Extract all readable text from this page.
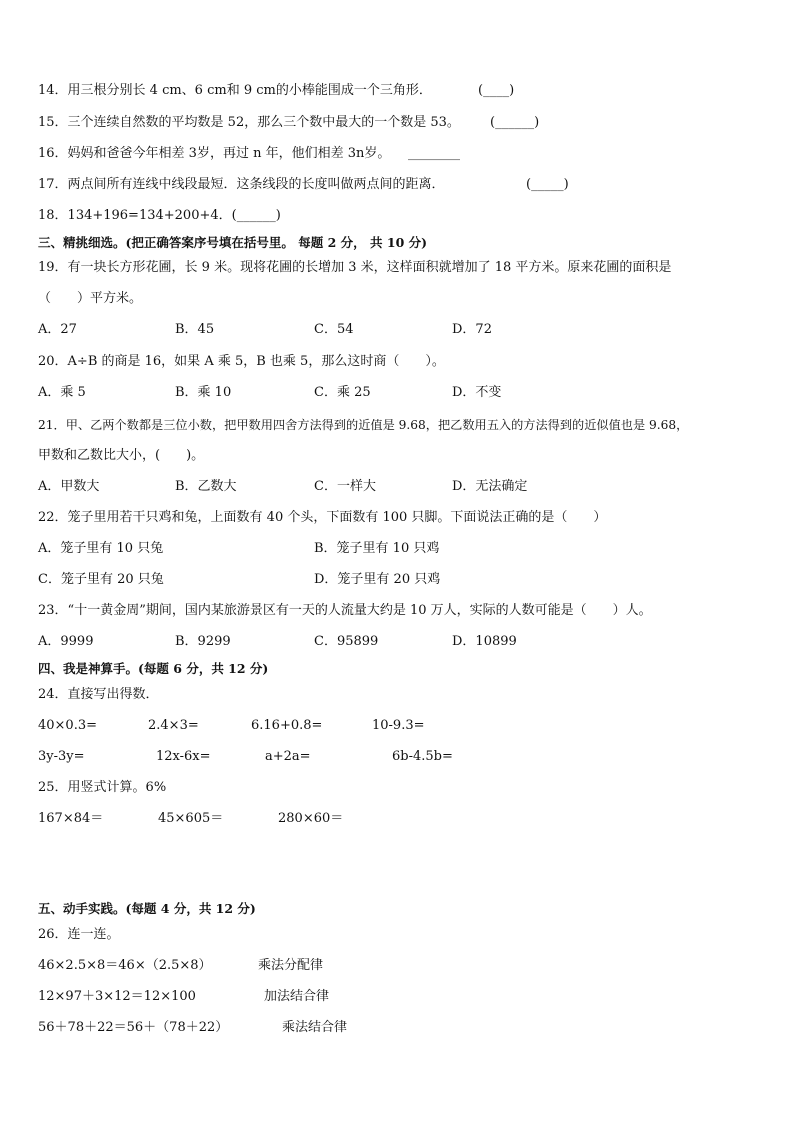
14．用三根分别长 4 cm、6 cm和 9 cm的小棒能围成一个三角形．	(____)
15．三个连续自然数的平均数是 52，那么三个数中最大的一个数是 53。 (______)
16．妈妈和爸爸今年相差 3岁，再过 n 年，他们相差 3n岁。 ________
17．两点间所有连线中线段最短．这条线段的长度叫做两点间的距离．	(_____)
18．134+196=134+200+4．(______)
三、精挑细选。(把正确答案序号填在括号里。 每题 2 分， 共 10 分)
19．有一块长方形花圃，长 9 米。现将花圃的长增加 3 米，这样面积就增加了 18 平方米。原来花圃的面积是
（　　）平方米。
A．27	B．45	C．54	D．72
20．A÷B 的商是 16，如果 A 乘 5，B 也乘 5，那么这时商（　　）。
A．乘 5	B．乘 10	C．乘 25	D．不变
21．甲、乙两个数都是三位小数，把甲数用四舍方法得到的近值是 9.68，把乙数用五入的方法得到的近似值也是 9.68，
甲数和乙数比大小，(　　)。
A．甲数大	B．乙数大	C．一样大	D．无法确定
22．笼子里用若干只鸡和兔，上面数有 40 个头，下面数有 100 只脚。下面说法正确的是（　　）
A．笼子里有 10 只兔	B．笼子里有 10 只鸡
C．笼子里有 20 只兔	D．笼子里有 20 只鸡
23．“十一黄金周”期间，国内某旅游景区有一天的人流量大约是 10 万人，实际的人数可能是（　　）人。
A．9999	B．9299	C．95899	D．10899
四、我是神算手。(每题 6 分，共 12 分)
24．直接写出得数．
40×0.3=	2.4×3=	6.16+0.8=	10-9.3=
3y-3y=	12x-6x=	a+2a=	6b-4.5b=
25．用竖式计算。6%
167×84＝	45×605＝	280×60＝
五、动手实践。(每题 4 分，共 12 分)
26．连一连。
46×2.5×8＝46×（2.5×8）	乘法分配律
12×97＋3×12＝12×100	加法结合律
56＋78＋22＝56＋（78＋22）	乘法结合律
